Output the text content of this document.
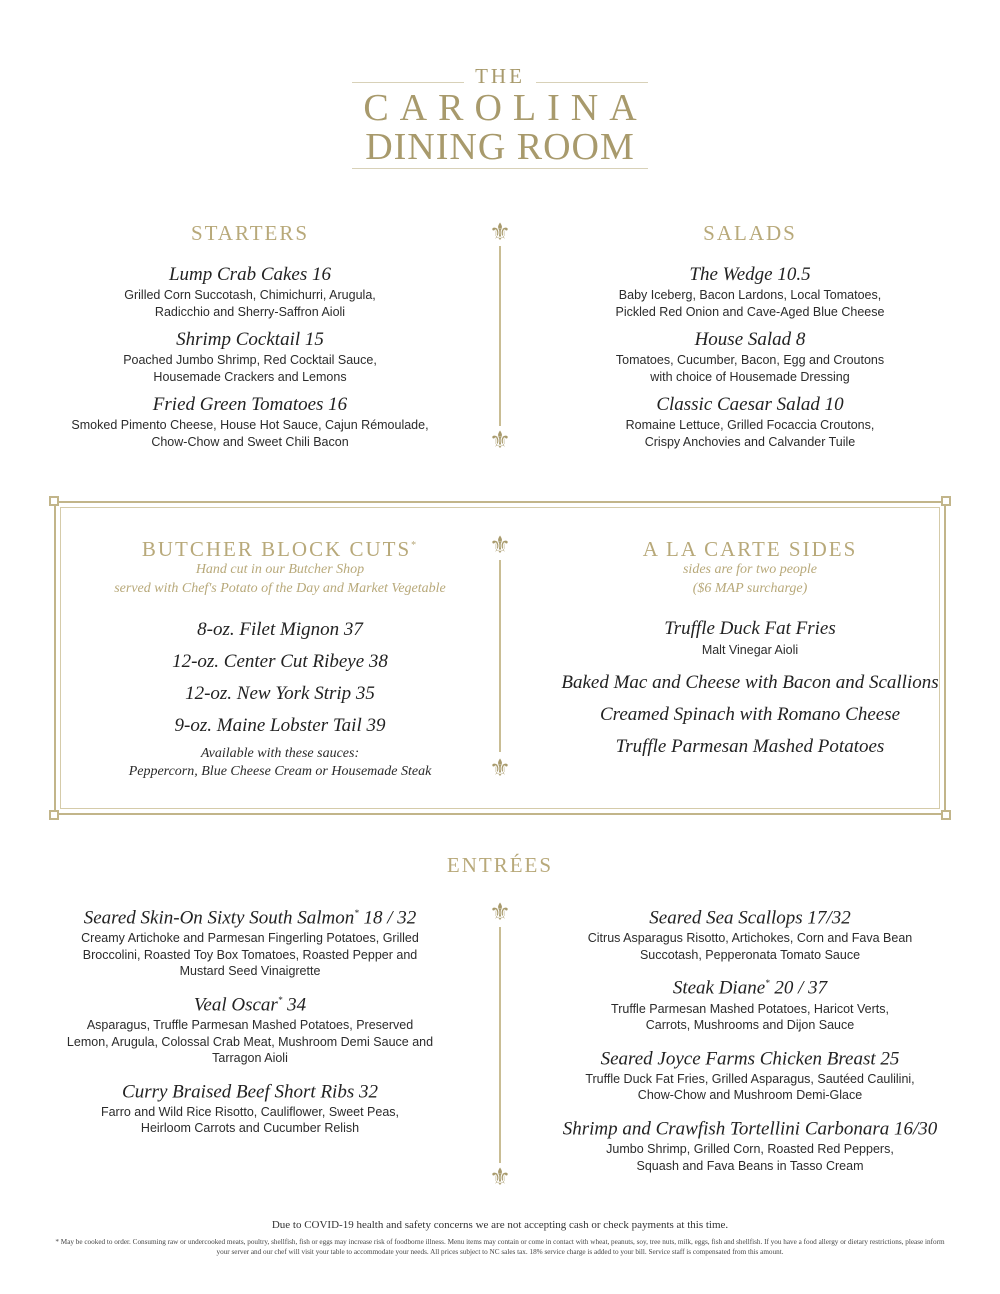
THE
CAROLINA
DINING ROOM
STARTERS	SALADS
Lump Crab Cakes 16
Grilled Corn Succotash, Chimichurri, Arugula,
Radicchio and Sherry-Saffron Aioli
Shrimp Cocktail 15
Poached Jumbo Shrimp, Red Cocktail Sauce,
Housemade Crackers and Lemons
Fried Green Tomatoes 16
Smoked Pimento Cheese, House Hot Sauce, Cajun Rémoulade,
Chow-Chow and Sweet Chili Bacon
The Wedge 10.5
Baby Iceberg, Bacon Lardons, Local Tomatoes,
Pickled Red Onion and Cave-Aged Blue Cheese
House Salad 8
Tomatoes, Cucumber, Bacon, Egg and Croutons
with choice of Housemade Dressing
Classic Caesar Salad 10
Romaine Lettuce, Grilled Focaccia Croutons,
Crispy Anchovies and Calvander Tuile
⚜
⚜
BUTCHER BLOCK CUTS*
Hand cut in our Butcher Shop
served with Chef's Potato of the Day and Market Vegetable
8-oz. Filet Mignon 37
12-oz. Center Cut Ribeye 38
12-oz. New York Strip 35
9-oz. Maine Lobster Tail 39
Available with these sauces:
Peppercorn, Blue Cheese Cream or Housemade Steak
A LA CARTE SIDES
sides are for two people
($6 MAP surcharge)
Truffle Duck Fat Fries
Malt Vinegar Aioli
Baked Mac and Cheese with Bacon and Scallions
Creamed Spinach with Romano Cheese
Truffle Parmesan Mashed Potatoes
⚜
⚜
ENTRÉES
Seared Skin-On Sixty South Salmon* 18 / 32
Creamy Artichoke and Parmesan Fingerling Potatoes, Grilled
Broccolini, Roasted Toy Box Tomatoes, Roasted Pepper and
Mustard Seed Vinaigrette
Veal Oscar* 34
Asparagus, Truffle Parmesan Mashed Potatoes, Preserved
Lemon, Arugula, Colossal Crab Meat, Mushroom Demi Sauce and
Tarragon Aioli
Curry Braised Beef Short Ribs 32
Farro and Wild Rice Risotto, Cauliflower, Sweet Peas,
Heirloom Carrots and Cucumber Relish
Seared Sea Scallops 17/32
Citrus Asparagus Risotto, Artichokes, Corn and Fava Bean
Succotash, Pepperonata Tomato Sauce
Steak Diane* 20 / 37
Truffle Parmesan Mashed Potatoes, Haricot Verts,
Carrots, Mushrooms and Dijon Sauce
Seared Joyce Farms Chicken Breast 25
Truffle Duck Fat Fries, Grilled Asparagus, Sautéed Caulilini,
Chow-Chow and Mushroom Demi-Glace
Shrimp and Crawfish Tortellini Carbonara 16/30
Jumbo Shrimp, Grilled Corn, Roasted Red Peppers,
Squash and Fava Beans in Tasso Cream
⚜
⚜
Due to COVID-19 health and safety concerns we are not accepting cash or check payments at this time.
* May be cooked to order. Consuming raw or undercooked meats, poultry, shellfish, fish or eggs may increase risk of foodborne illness. Menu items may contain or come in contact with wheat, peanuts, soy, tree nuts, milk, eggs, fish and shellfish. If you have a food allergy or dietary restrictions, please inform your server and our chef will visit your table to accommodate your needs. All prices subject to NC sales tax. 18% service charge is added to your bill. Service staff is compensated from this amount.
